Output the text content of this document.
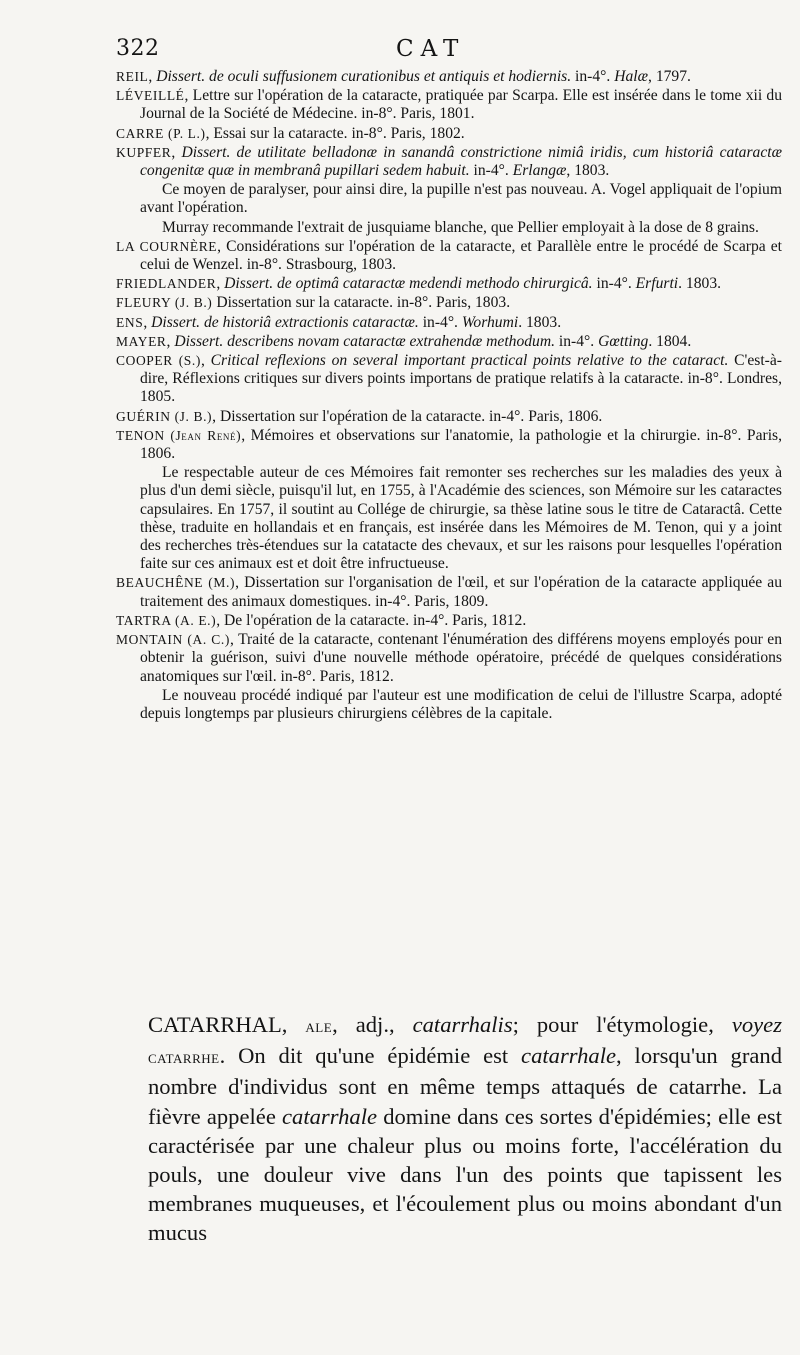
322	CAT

REIL, Dissert. de oculi suffusionem curationibus et antiquis et hodiernis. in-4°. Halæ, 1797.

LÉVEILLÉ, Lettre sur l'opération de la cataracte, pratiquée par Scarpa. Elle est insérée dans le tome xii du Journal de la Société de Médecine. in-8°. Paris, 1801.

CARRE (P. L.), Essai sur la cataracte. in-8°. Paris, 1802.

KUPFER, Dissert. de utilitate belladonæ in sanandâ constrictione nimiâ iridis, cum historiâ cataractæ congenitæ quæ in membranâ pupillari sedem habuit. in-4°. Erlangæ, 1803.

Ce moyen de paralyser, pour ainsi dire, la pupille n'est pas nouveau. A. Vogel appliquait de l'opium avant l'opération.

Murray recommande l'extrait de jusquiame blanche, que Pellier employait à la dose de 8 grains.

LA COURNÈRE, Considérations sur l'opération de la cataracte, et Parallèle entre le procédé de Scarpa et celui de Wenzel. in-8°. Strasbourg, 1803.

FRIEDLANDER, Dissert. de optimâ cataractæ medendi methodo chirurgicâ. in-4°. Erfurti. 1803.

FLEURY (J. B.) Dissertation sur la cataracte. in-8°. Paris, 1803.

ENS, Dissert. de historiâ extractionis cataractæ. in-4°. Worhumi. 1803.

MAYER, Dissert. describens novam cataractæ extrahendæ methodum. in-4°. Gœtting. 1804.

COOPER (S.), Critical reflexions on several important practical points relative to the cataract. C'est-à-dire, Réflexions critiques sur divers points importans de pratique relatifs à la cataracte. in-8°. Londres, 1805.

GUÉRIN (J. B.), Dissertation sur l'opération de la cataracte. in-4°. Paris, 1806.

TENON (Jean René), Mémoires et observations sur l'anatomie, la pathologie et la chirurgie. in-8°. Paris, 1806.

Le respectable auteur de ces Mémoires fait remonter ses recherches sur les maladies des yeux à plus d'un demi siècle, puisqu'il lut, en 1755, à l'Académie des sciences, son Mémoire sur les cataractes capsulaires. En 1757, il soutint au Collége de chirurgie, sa thèse latine sous le titre de Cataractâ. Cette thèse, traduite en hollandais et en français, est insérée dans les Mémoires de M. Tenon, qui y a joint des recherches très-étendues sur la catatacte des chevaux, et sur les raisons pour lesquelles l'opération faite sur ces animaux est et doit être infructueuse.

BEAUCHÊNE (M.), Dissertation sur l'organisation de l'œil, et sur l'opération de la cataracte appliquée au traitement des animaux domestiques. in-4°. Paris, 1809.

TARTRA (A. E.), De l'opération de la cataracte. in-4°. Paris, 1812.

MONTAIN (A. C.), Traité de la cataracte, contenant l'énumération des différens moyens employés pour en obtenir la guérison, suivi d'une nouvelle méthode opératoire, précédé de quelques considérations anatomiques sur l'œil. in-8°. Paris, 1812.

Le nouveau procédé indiqué par l'auteur est une modification de celui de l'illustre Scarpa, adopté depuis longtemps par plusieurs chirurgiens célèbres de la capitale.

CATARRHAL, ale, adj., catarrhalis; pour l'étymologie, voyez catarrhe. On dit qu'une épidémie est catarrhale, lorsqu'un grand nombre d'individus sont en même temps attaqués de catarrhe. La fièvre appelée catarrhale domine dans ces sortes d'épidémies; elle est caractérisée par une chaleur plus ou moins forte, l'accélération du pouls, une douleur vive dans l'un des points que tapissent les membranes muqueuses, et l'écoulement plus ou moins abondant d'un mucus
